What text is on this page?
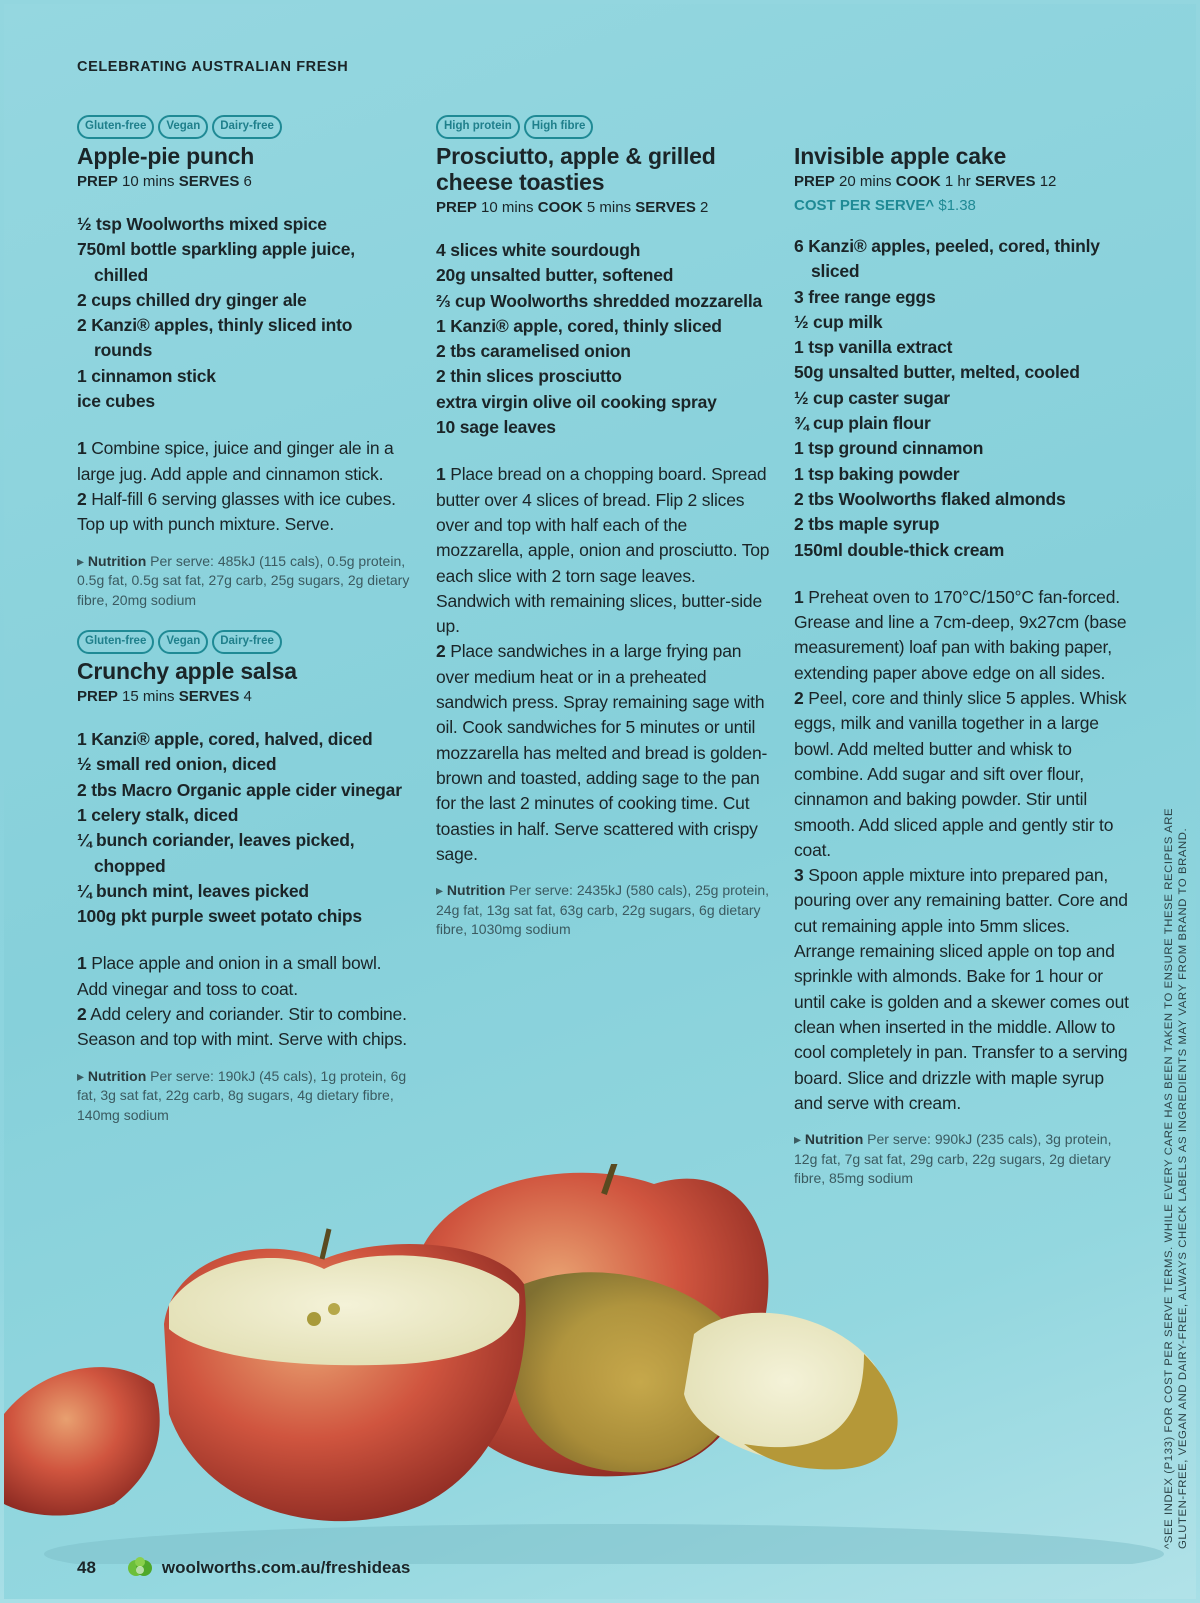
CELEBRATING AUSTRALIAN FRESH
Gluten-free	Vegan	Dairy-free
Apple-pie punch
PREP 10 mins SERVES 6
½ tsp Woolworths mixed spice
750ml bottle sparkling apple juice, chilled
2 cups chilled dry ginger ale
2 Kanzi® apples, thinly sliced into rounds
1 cinnamon stick
ice cubes

1 Combine spice, juice and ginger ale in a large jug. Add apple and cinnamon stick.

2 Half-fill 6 serving glasses with ice cubes. Top up with punch mixture. Serve.

▸ Nutrition Per serve: 485kJ (115 cals), 0.5g protein, 0.5g fat, 0.5g sat fat, 27g carb, 25g sugars, 2g dietary fibre, 20mg sodium
Gluten-free	Vegan	Dairy-free
Crunchy apple salsa
PREP 15 mins SERVES 4
1 Kanzi® apple, cored, halved, diced
½ small red onion, diced
2 tbs Macro Organic apple cider vinegar
1 celery stalk, diced
¼ bunch coriander, leaves picked, chopped
¼ bunch mint, leaves picked
100g pkt purple sweet potato chips

1 Place apple and onion in a small bowl. Add vinegar and toss to coat.

2 Add celery and coriander. Stir to combine. Season and top with mint. Serve with chips.

▸ Nutrition Per serve: 190kJ (45 cals), 1g protein, 6g fat, 3g sat fat, 22g carb, 8g sugars, 4g dietary fibre, 140mg sodium
High protein	High fibre
Prosciutto, apple & grilled cheese toasties
PREP 10 mins COOK 5 mins SERVES 2
4 slices white sourdough
20g unsalted butter, softened
⅔ cup Woolworths shredded mozzarella
1 Kanzi® apple, cored, thinly sliced
2 tbs caramelised onion
2 thin slices prosciutto
extra virgin olive oil cooking spray
10 sage leaves

1 Place bread on a chopping board. Spread butter over 4 slices of bread. Flip 2 slices over and top with half each of the mozzarella, apple, onion and prosciutto. Top each slice with 2 torn sage leaves. Sandwich with remaining slices, butter-side up.

2 Place sandwiches in a large frying pan over medium heat or in a preheated sandwich press. Spray remaining sage with oil. Cook sandwiches for 5 minutes or until mozzarella has melted and bread is golden-brown and toasted, adding sage to the pan for the last 2 minutes of cooking time. Cut toasties in half. Serve scattered with crispy sage.

▸ Nutrition Per serve: 2435kJ (580 cals), 25g protein, 24g fat, 13g sat fat, 63g carb, 22g sugars, 6g dietary fibre, 1030mg sodium
Invisible apple cake
PREP 20 mins COOK 1 hr SERVES 12
COST PER SERVE^ $1.38
6 Kanzi® apples, peeled, cored, thinly sliced
3 free range eggs
½ cup milk
1 tsp vanilla extract
50g unsalted butter, melted, cooled
½ cup caster sugar
¾ cup plain flour
1 tsp ground cinnamon
1 tsp baking powder
2 tbs Woolworths flaked almonds
2 tbs maple syrup
150ml double-thick cream

1 Preheat oven to 170°C/150°C fan-forced. Grease and line a 7cm-deep, 9x27cm (base measurement) loaf pan with baking paper, extending paper above edge on all sides.

2 Peel, core and thinly slice 5 apples. Whisk eggs, milk and vanilla together in a large bowl. Add melted butter and whisk to combine. Add sugar and sift over flour, cinnamon and baking powder. Stir until smooth. Add sliced apple and gently stir to coat.

3 Spoon apple mixture into prepared pan, pouring over any remaining batter. Core and cut remaining apple into 5mm slices. Arrange remaining sliced apple on top and sprinkle with almonds. Bake for 1 hour or until cake is golden and a skewer comes out clean when inserted in the middle. Allow to cool completely in pan. Transfer to a serving board. Slice and drizzle with maple syrup and serve with cream.

▸ Nutrition Per serve: 990kJ (235 cals), 3g protein, 12g fat, 7g sat fat, 29g carb, 22g sugars, 2g dietary fibre, 85mg sodium
48	woolworths.com.au/freshideas
^SEE INDEX (P133) FOR COST PER SERVE TERMS. WHILE EVERY CARE HAS BEEN TAKEN TO ENSURE THESE RECIPES ARE GLUTEN-FREE, VEGAN AND DAIRY-FREE, ALWAYS CHECK LABELS AS INGREDIENTS MAY VARY FROM BRAND TO BRAND.
